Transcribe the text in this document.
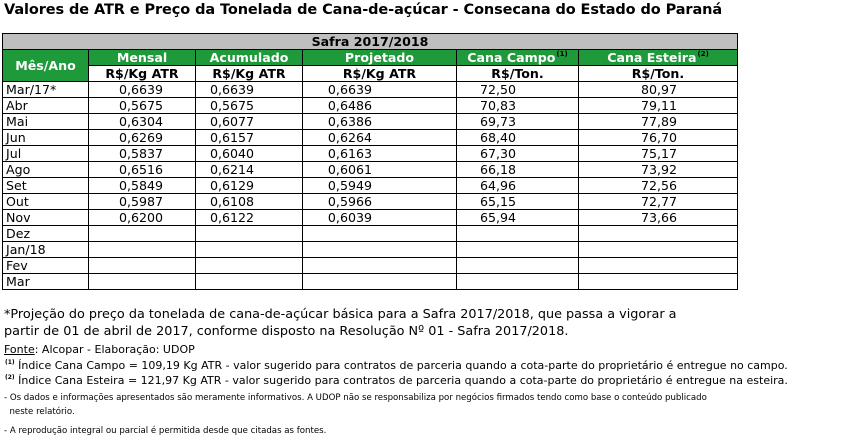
Valores de ATR e Preço da Tonelada de Cana-de-açúcar - Consecana do Estado do Paraná
Safra 2017/2018					
Mês/Ano	Mensal	Acumulado	Projetado	Cana Campo$^{(1)}$	Cana Esteira$^{(2)}$
	R$/Kg ATR	R$/Kg ATR	R$/Kg ATR	R$/Ton.	R$/Ton.
Mar/17*	0,6639	0,6639	0,6639	72,50	80,97
Abr	0,5675	0,5675	0,6486	70,83	79,11
Mai	0,6304	0,6077	0,6386	69,73	77,89
Jun	0,6269	0,6157	0,6264	68,40	76,70
Jul	0,5837	0,6040	0,6163	67,30	75,17
Ago	0,6516	0,6214	0,6061	66,18	73,92
Set	0,5849	0,6129	0,5949	64,96	72,56
Out	0,5987	0,6108	0,5966	65,15	72,77
Nov	0,6200	0,6122	0,6039	65,94	73,66
Dez					
Jan/18					
Fev					
Mar					
*Projeção do preço da tonelada de cana-de-açúcar básica para a Safra 2017/2018, que passa a vigorar a
partir de 01 de abril de 2017, conforme disposto na Resolução Nº 01 - Safra 2017/2018.
Fonte: Alcopar - Elaboração: UDOP
$^{(1)}$ Índice Cana Campo = 109,19 Kg ATR - valor sugerido para contratos de parceria quando a cota-parte do proprietário é entregue no campo.
$^{(2)}$ Índice Cana Esteira = 121,97 Kg ATR - valor sugerido para contratos de parceria quando a cota-parte do proprietário é entregue na esteira.
- Os dados e informações apresentados são meramente informativos. A UDOP não se responsabiliza por negócios firmados tendo como base o conteúdo publicado
neste relatório.
- A reprodução integral ou parcial é permitida desde que citadas as fontes.
